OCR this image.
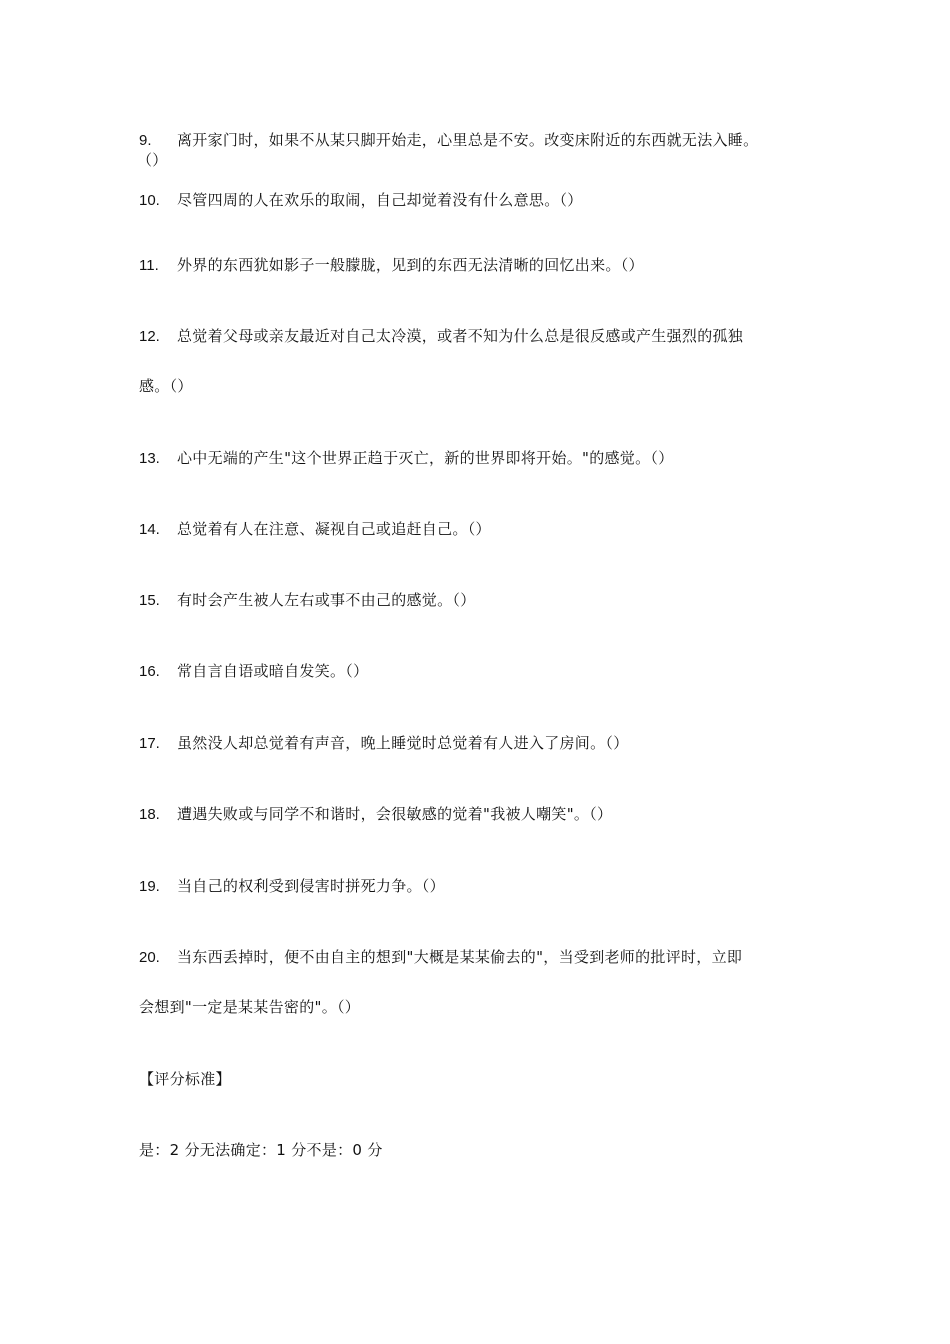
9. 离开家门时，如果不从某只脚开始走，心里总是不安。改变床附近的东西就无法入睡。
（）
10. 尽管四周的人在欢乐的取闹，自己却觉着没有什么意思。（）
11. 外界的东西犹如影子一般朦胧，见到的东西无法清晰的回忆出来。（）
12. 总觉着父母或亲友最近对自己太冷漠，或者不知为什么总是很反感或产生强烈的孤独
感。（）
13. 心中无端的产生"这个世界正趋于灭亡，新的世界即将开始。"的感觉。（）
14. 总觉着有人在注意、凝视自己或追赶自己。（）
15. 有时会产生被人左右或事不由己的感觉。（）
16. 常自言自语或暗自发笑。（）
17. 虽然没人却总觉着有声音，晚上睡觉时总觉着有人进入了房间。（）
18. 遭遇失败或与同学不和谐时，会很敏感的觉着"我被人嘲笑"。（）
19. 当自己的权利受到侵害时拼死力争。（）
20. 当东西丢掉时，便不由自主的想到"大概是某某偷去的"，当受到老师的批评时，立即
会想到"一定是某某告密的"。（）
【评分标准】
是：2 分无法确定：1 分不是：0 分
